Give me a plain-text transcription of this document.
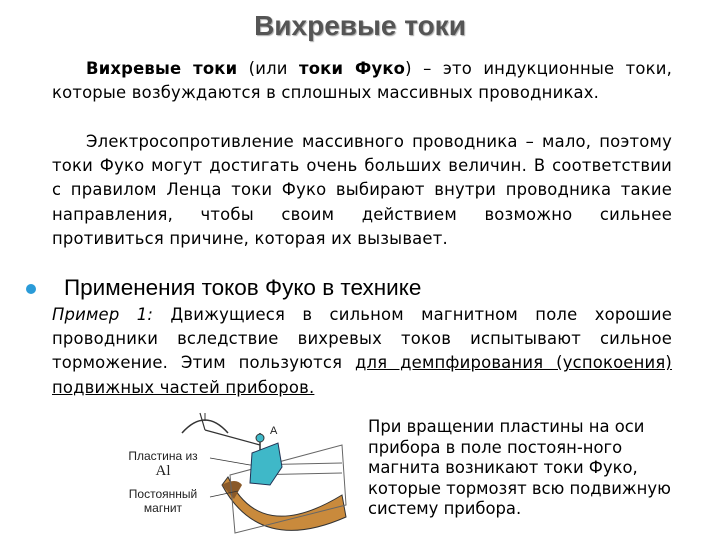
Вихревые токи
Вихревые токи (или токи Фуко) – это индукционные токи, которые возбуждаются в сплошных массивных проводниках.
Электросопротивление массивного проводника – мало, поэтому токи Фуко могут достигать очень больших величин. В соответствии с правилом Ленца токи Фуко выбирают внутри проводника такие направления, чтобы своим действием возможно сильнее противиться причине, которая их вызывает.
Применения токов Фуко в технике
Пример 1: Движущиеся в сильном магнитном поле хорошие проводники вследствие вихревых токов испытывают сильное торможение. Этим пользуются для демпфирования (успокоения) подвижных частей приборов.
Пластина из
Al
Постоянный
магнит
A	При вращении пластины на оси прибора в поле постоян-ного магнита возникают токи Фуко, которые тормозят всю подвижную систему прибора.
